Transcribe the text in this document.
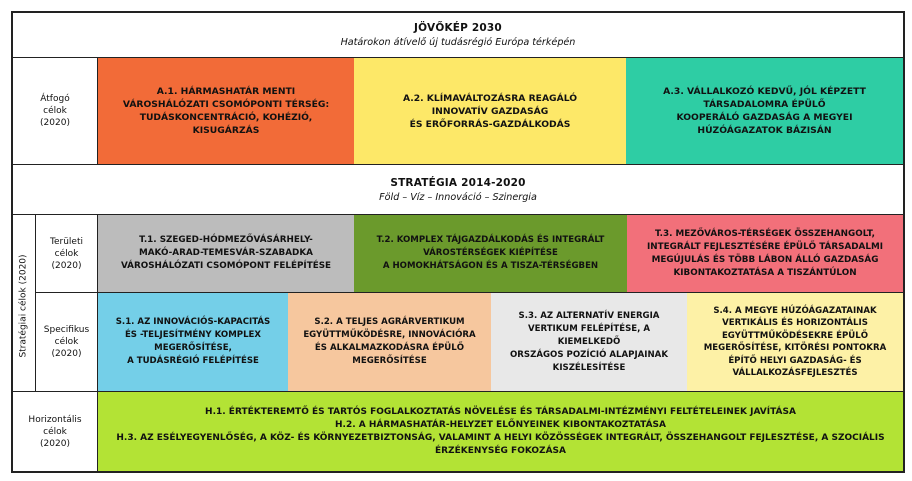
JÖVŐKÉP 2030
Határokon átívelő új tudásrégió Európa térképén
Átfogó
célok
(2020)
A.1. HÁRMASHATÁR MENTI
VÁROSHÁLÓZATI CSOMÓPONTI TÉRSÉG:
TUDÁSKONCENTRÁCIÓ, KOHÉZIÓ,
KISUGÁRZÁS
A.2. KLÍMAVÁLTOZÁSRA REAGÁLÓ
INNOVATÍV GAZDASÁG
ÉS ERŐFORRÁS-GAZDÁLKODÁS
A.3. VÁLLALKOZÓ KEDVŰ, JÓL KÉPZETT
TÁRSADALOMRA ÉPÜLŐ
KOOPERÁLÓ GAZDASÁG A MEGYEI
HÚZÓÁGAZATOK BÁZISÁN
STRATÉGIA 2014-2020
Föld – Víz – Innováció – Szinergia
Stratégiai célok (2020)
Területi
célok
(2020)
T.1. SZEGED-HÓDMEZŐVÁSÁRHELY-
MAKÓ-ARAD-TEMESVÁR-SZABADKA
VÁROSHÁLÓZATI CSOMÓPONT FELÉPÍTÉSE
T.2. KOMPLEX TÁJGAZDÁLKODÁS ÉS INTEGRÁLT
VÁROSTÉRSÉGEK KIÉPÍTÉSE
A HOMOKHÁTSÁGON ÉS A TISZA-TÉRSÉGBEN
T.3. MEZŐVÁROS-TÉRSÉGEK ÖSSZEHANGOLT,
INTEGRÁLT FEJLESZTÉSÉRE ÉPÜLŐ TÁRSADALMI
MEGÚJULÁS ÉS TÖBB LÁBON ÁLLÓ GAZDASÁG
KIBONTAKOZTATÁSA A TISZÁNTÚLON
Specifikus
célok
(2020)
S.1. AZ INNOVÁCIÓS-KAPACITÁS
ÉS -TELJESÍTMÉNY KOMPLEX
MEGERŐSÍTÉSE,
A TUDÁSRÉGIÓ FELÉPÍTÉSE
S.2. A TELJES AGRÁRVERTIKUM
EGYÜTTMŰKÖDÉSRE, INNOVÁCIÓRA
ÉS ALKALMAZKODÁSRA ÉPÜLŐ
MEGERŐSÍTÉSE
S.3. AZ ALTERNATÍV ENERGIA
VERTIKUM FELÉPÍTÉSE, A KIEMELKEDŐ
ORSZÁGOS POZÍCIÓ ALAPJAINAK
KISZÉLESÍTÉSE
S.4. A MEGYE HÚZÓÁGAZATAINAK
VERTIKÁLIS ÉS HORIZONTÁLIS
EGYÜTTMŰKÖDÉSEKRE ÉPÜLŐ
MEGERŐSÍTÉSE, KITÖRÉSI PONTOKRA
ÉPÍTŐ HELYI GAZDASÁG- ÉS
VÁLLALKOZÁSFEJLESZTÉS
Horizontális
célok
(2020)
H.1. ÉRTÉKTEREMTŐ ÉS TARTÓS FOGLALKOZTATÁS NÖVELÉSE ÉS TÁRSADALMI-INTÉZMÉNYI FELTÉTELEINEK JAVÍTÁSA
H.2. A HÁRMASHATÁR-HELYZET ELŐNYEINEK KIBONTAKOZTATÁSA
H.3. AZ ESÉLYEGYENLŐSÉG, A KÖZ- ÉS KÖRNYEZETBIZTONSÁG, VALAMINT A HELYI KÖZÖSSÉGEK INTEGRÁLT, ÖSSZEHANGOLT FEJLESZTÉSE, A SZOCIÁLIS
ÉRZÉKENYSÉG FOKOZÁSA
